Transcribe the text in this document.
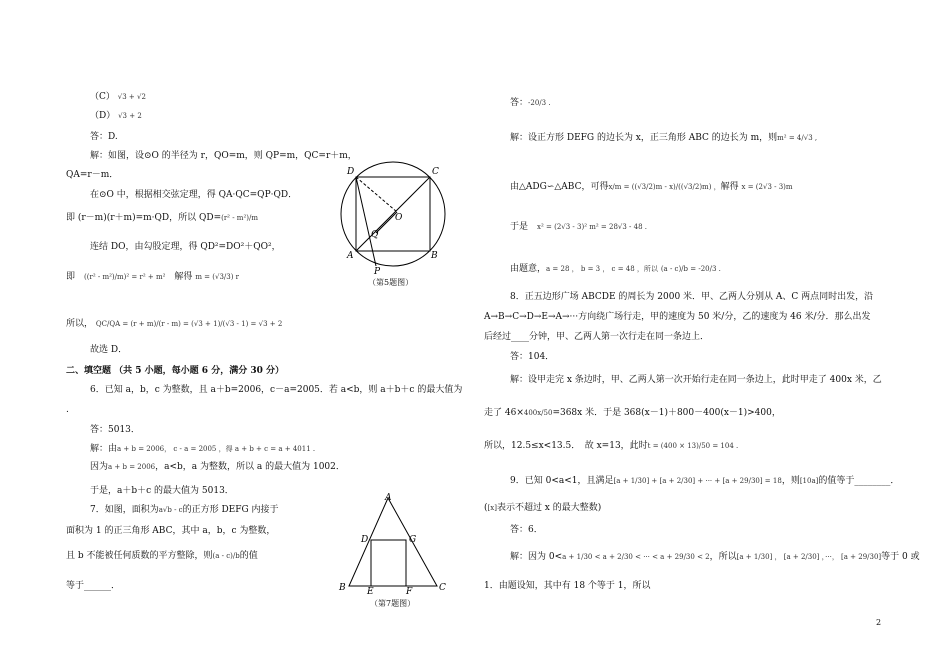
（C） √3 + √2
（D） √3 + 2
答：D.
解：如图，设⊙O 的半径为 r，QO=m，则 QP=m，QC=r＋m，
QA=r－m．
在⊙O 中，根据相交弦定理，得 QA·QC=QP·QD．
即 (r－m)(r＋m)=m·QD，所以 QD=(r² - m²)/m
连结 DO，由勾股定理，得 QD²=DO²＋QO²，
即　 ((r² - m²)/m)² = r² + m²　 解得 m = (√3/3) r
所以， QC/QA = (r + m)/(r - m) = (√3 + 1)/(√3 - 1) = √3 + 2
故选 D．
二、填空题 （共 5 小题，每小题 6 分，满分 30 分）
6．已知 a，b，c 为整数，且 a＋b=2006，c－a=2005．若 a<b，则 a＋b＋c 的最大值为
.
答：5013．
解：由a + b = 2006， c - a = 2005 ，得 a + b + c = a + 4011 .
因为a + b = 2006，a<b，a 为整数，所以 a 的最大值为 1002．
于是，a＋b＋c 的最大值为 5013．
7．如图，面积为a√b - c的正方形 DEFG 内接于
面积为 1 的正三角形 ABC，其中 a，b，c 为整数，
且 b 不能被任何质数的平方整除，则(a - c)/b的值
等于______．
D	C
O
Q
A	B
P
（第5题图）
A
D	G
B E	F	C
（第7题图）
答：-20/3 .
解：设正方形 DEFG 的边长为 x，正三角形 ABC 的边长为 m，则m² = 4/√3 ,
由△ADG∽△ABC，可得x/m = ((√3/2)m - x)/((√3/2)m) ，解得 x = (2√3 - 3)m
于是　 x² = (2√3 - 3)² m² = 28√3 - 48 .
由题意，a = 28 ， b = 3 ， c = 48 ，所以 (a - c)/b = -20/3 .
8．正五边形广场 ABCDE 的周长为 2000 米．甲、乙两人分别从 A、C 两点同时出发，沿
A→B→C→D→E→A→···方向绕广场行走，甲的速度为 50 米/分，乙的速度为 46 米/分．那么出发
后经过____分钟，甲、乙两人第一次行走在同一条边上．
答：104．
解：设甲走完 x 条边时，甲、乙两人第一次开始行走在同一条边上，此时甲走了 400x 米，乙
走了 46×400x/50=368x 米．于是 368(x－1)＋800－400(x－1)>400，
所以，12.5≤x<13.5．　故 x=13，此时t = (400 × 13)/50 = 104 .
9．已知 0<a<1，且满足[a + 1/30] + [a + 2/30] + ··· + [a + 29/30] = 18，则[10a]的值等于________．
([x]表示不超过 x 的最大整数)
答：6．
解：因为 0<a + 1/30 < a + 2/30 < ··· < a + 29/30 < 2，所以[a + 1/30] ， [a + 2/30] ，···， [a + 29/30]等于 0 或
1．由题设知，其中有 18 个等于 1，所以
2
